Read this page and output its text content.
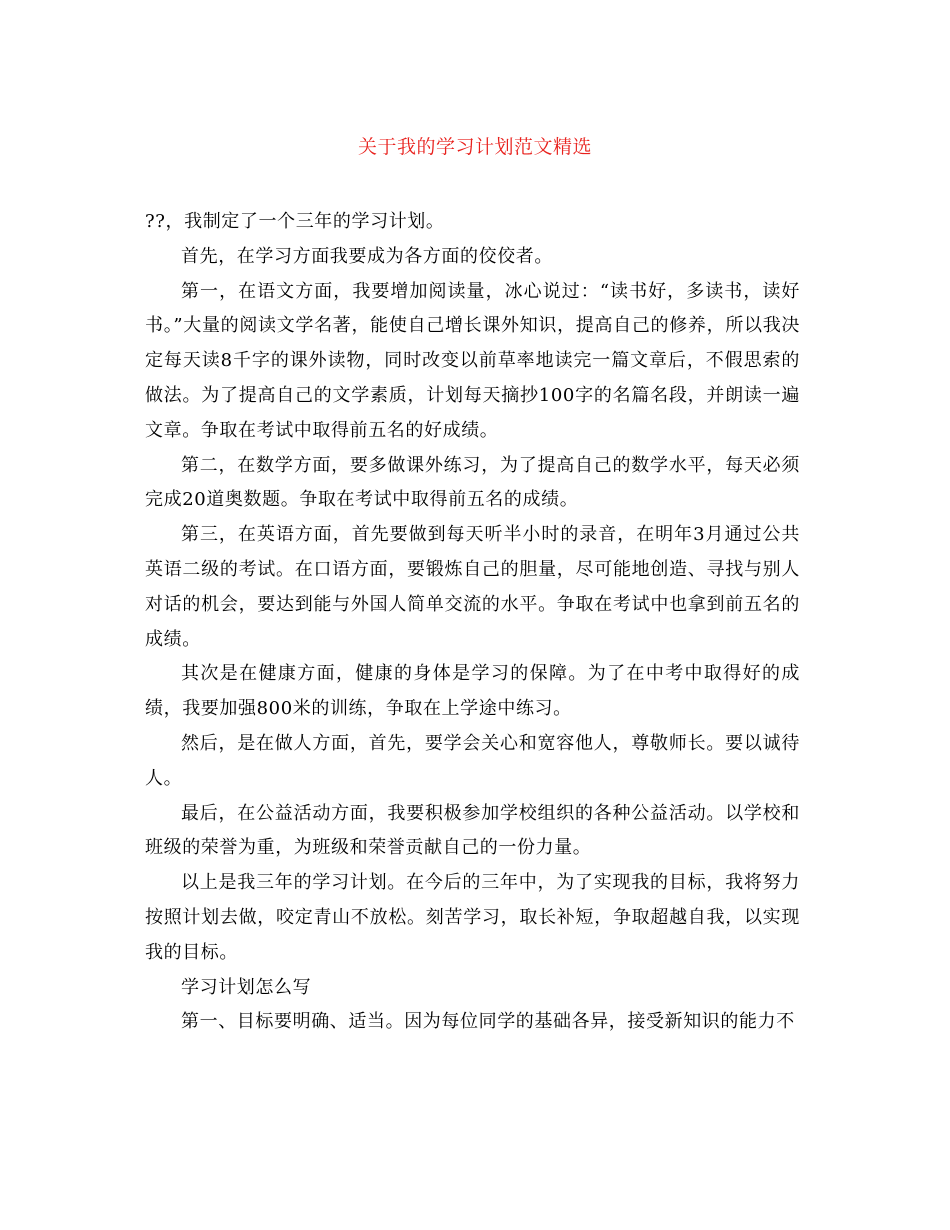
关于我的学习计划范文精选

??，我制定了一个三年的学习计划。

首先，在学习方面我要成为各方面的佼佼者。

第一，在语文方面，我要增加阅读量，冰心说过：“读书好，多读书，读好书。”大量的阅读文学名著，能使自己增长课外知识，提高自己的修养，所以我决定每天读8千字的课外读物，同时改变以前草率地读完一篇文章后，不假思索的做法。为了提高自己的文学素质，计划每天摘抄100字的名篇名段，并朗读一遍文章。争取在考试中取得前五名的好成绩。

第二，在数学方面，要多做课外练习，为了提高自己的数学水平，每天必须完成20道奥数题。争取在考试中取得前五名的成绩。

第三，在英语方面，首先要做到每天听半小时的录音，在明年3月通过公共英语二级的考试。在口语方面，要锻炼自己的胆量，尽可能地创造、寻找与别人对话的机会，要达到能与外国人简单交流的水平。争取在考试中也拿到前五名的成绩。

其次是在健康方面，健康的身体是学习的保障。为了在中考中取得好的成绩，我要加强800米的训练，争取在上学途中练习。

然后，是在做人方面，首先，要学会关心和宽容他人，尊敬师长。要以诚待人。

最后，在公益活动方面，我要积极参加学校组织的各种公益活动。以学校和班级的荣誉为重，为班级和荣誉贡献自己的一份力量。

以上是我三年的学习计划。在今后的三年中，为了实现我的目标，我将努力按照计划去做，咬定青山不放松。刻苦学习，取长补短，争取超越自我，以实现我的目标。

学习计划怎么写

第一、目标要明确、适当。因为每位同学的基础各异，接受新知识的能力不
